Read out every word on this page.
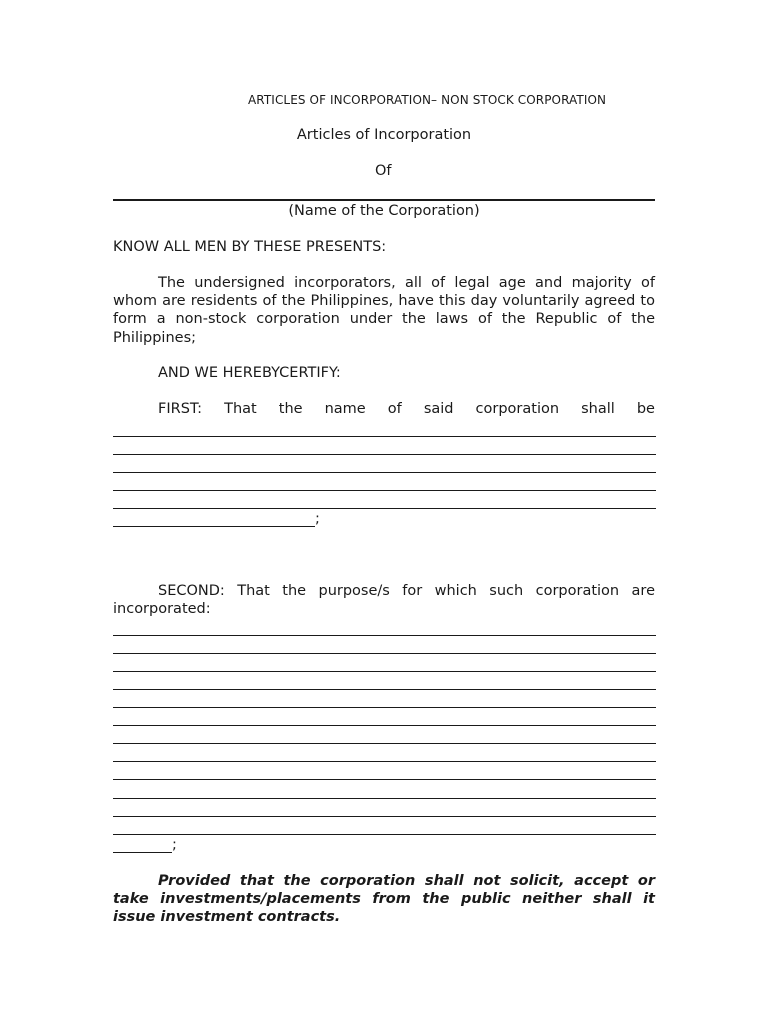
ARTICLES OF INCORPORATION– NON STOCK CORPORATION
Articles of Incorporation
Of
(Name of the Corporation)
KNOW ALL MEN BY THESE PRESENTS:
The undersigned incorporators, all of legal age and majority of whom are residents of the Philippines, have this day voluntarily agreed to form a non-stock corporation under the laws of the Republic of the Philippines;
AND WE HEREBYCERTIFY:
FIRST: That the name of said corporation shall be
;
SECOND: That the purpose/s for which such corporation are incorporated:
;
Provided that the corporation shall not solicit, accept or take investments/placements from the public neither shall it issue investment contracts.
